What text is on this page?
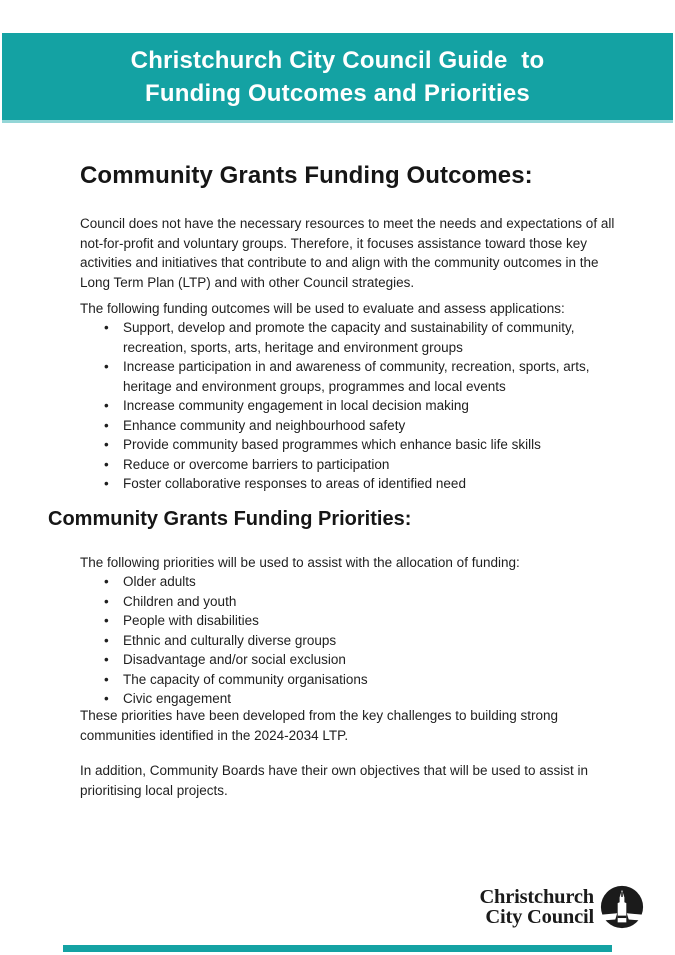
Christchurch City Council Guide  to
Funding Outcomes and Priorities
Community Grants Funding Outcomes:

Council does not have the necessary resources to meet the needs and expectations of all not-for-profit and voluntary groups. Therefore, it focuses assistance toward those key activities and initiatives that contribute to and align with the community outcomes in the Long Term Plan (LTP) and with other Council strategies.

The following funding outcomes will be used to evaluate and assess applications:

• Support, develop and promote the capacity and sustainability of community, recreation, sports, arts, heritage and environment groups
• Increase participation in and awareness of community, recreation, sports, arts, heritage and environment groups, programmes and local events
• Increase community engagement in local decision making
• Enhance community and neighbourhood safety
• Provide community based programmes which enhance basic life skills
• Reduce or overcome barriers to participation
• Foster collaborative responses to areas of identified need
Community Grants Funding Priorities:

The following priorities will be used to assist with the allocation of funding:

• Older adults
• Children and youth
• People with disabilities
• Ethnic and culturally diverse groups
• Disadvantage and/or social exclusion
• The capacity of community organisations
• Civic engagement

These priorities have been developed from the key challenges to building strong communities identified in the 2024-2034 LTP.

In addition, Community Boards have their own objectives that will be used to assist in prioritising local projects.

Christchurch
City Council
